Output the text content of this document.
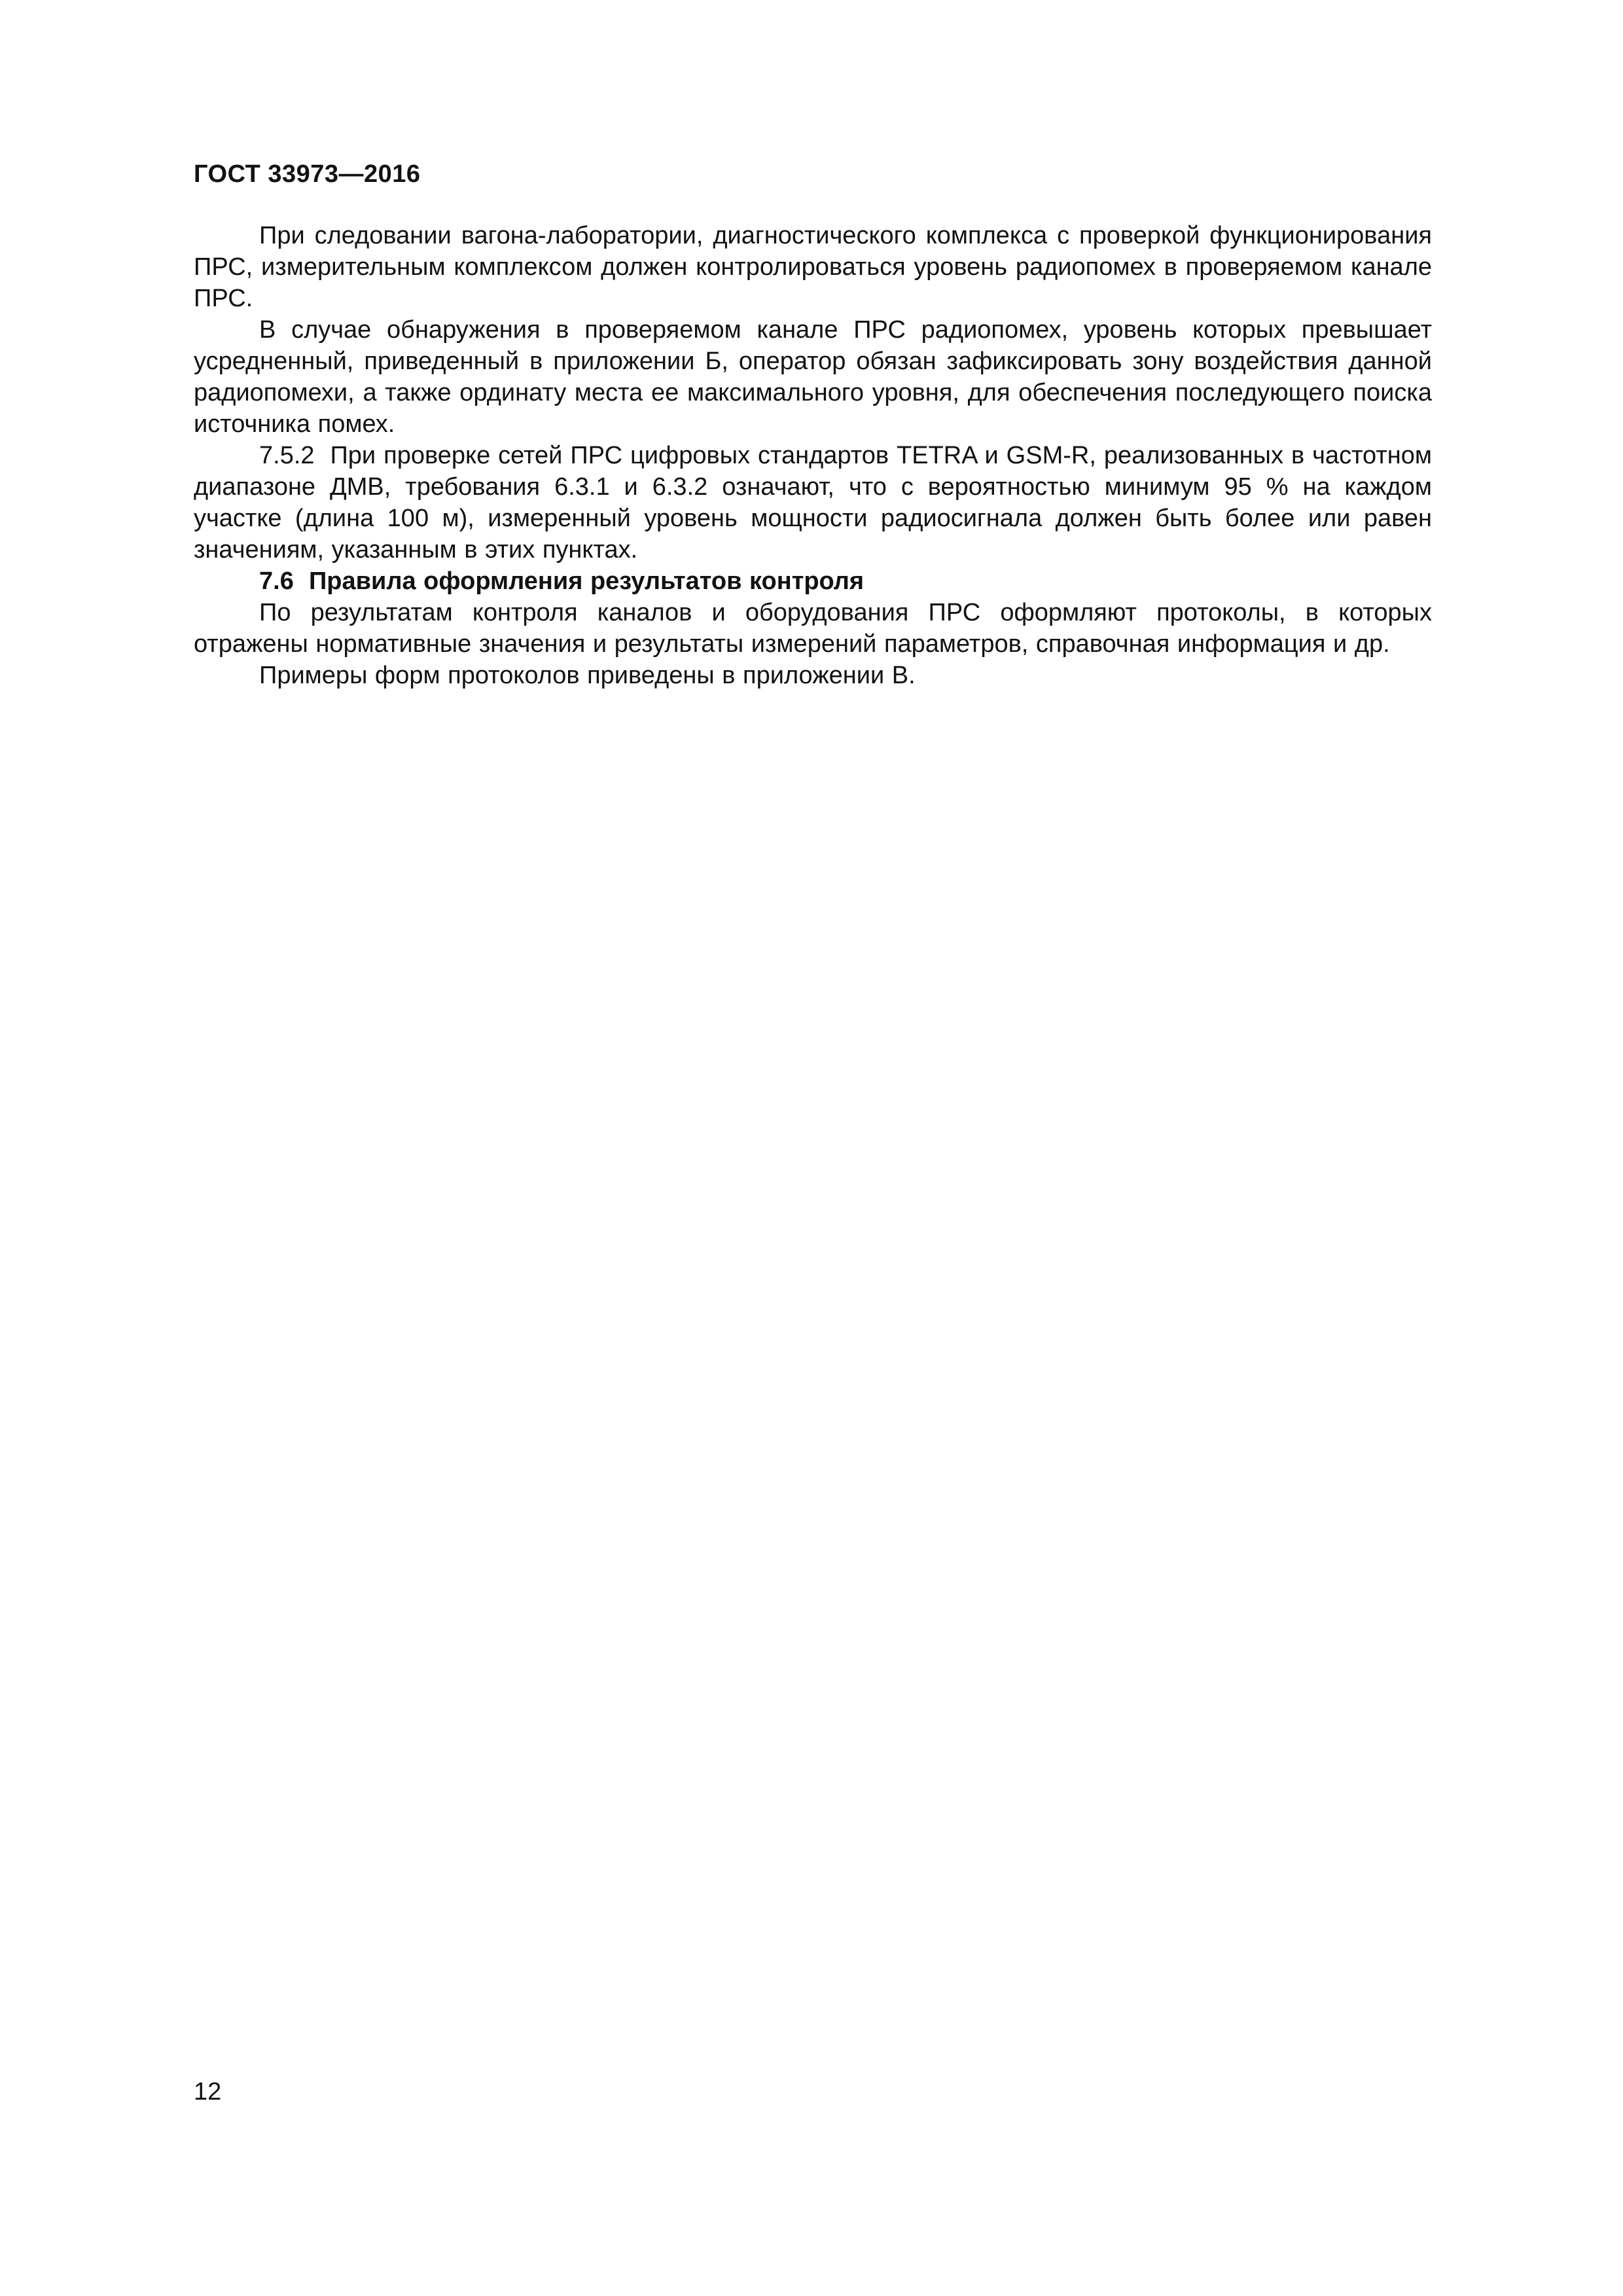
ГОСТ 33973—2016

При следовании вагона-лаборатории, диагностического комплекса с проверкой функционирования ПРС, измерительным комплексом должен контролироваться уровень радиопомех в проверяемом канале ПРС.

В случае обнаружения в проверяемом канале ПРС радиопомех, уровень которых превышает усредненный, приведенный в приложении Б, оператор обязан зафиксировать зону воздействия данной радиопомехи, а также ординату места ее максимального уровня, для обеспечения последующего поиска источника помех.

7.5.2  При проверке сетей ПРС цифровых стандартов TETRA и GSM-R, реализованных в частотном диапазоне ДМВ, требования 6.3.1 и 6.3.2 означают, что с вероятностью минимум 95 % на каждом участке (длина 100 м), измеренный уровень мощности радиосигнала должен быть более или равен значениям, указанным в этих пунктах.

7.6  Правила оформления результатов контроля

По результатам контроля каналов и оборудования ПРС оформляют протоколы, в которых отражены нормативные значения и результаты измерений параметров, справочная информация и др.

Примеры форм протоколов приведены в приложении В.

12
